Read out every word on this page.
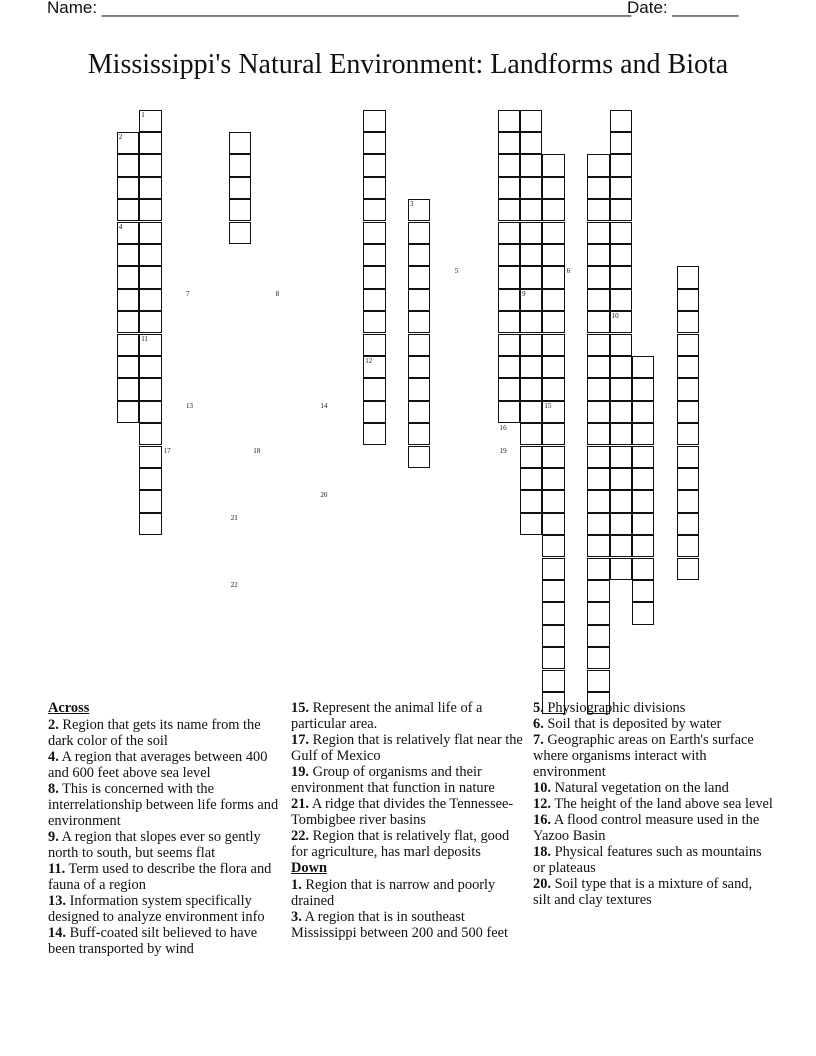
Name: ________________________________________________________
Date: _______
Mississippi's Natural Environment: Landforms and Biota
1
2
3
4
5	6
7	8	9
10
11
12
13	14	15
16
17	18	19
20
21
22
Across

2. Region that gets its name from the dark color of the soil

4. A region that averages between 400 and 600 feet above sea level

8. This is concerned with the interrelationship between life forms and environment

9. A region that slopes ever so gently north to south, but seems flat

11. Term used to describe the flora and fauna of a region

13. Information system specifically designed to analyze environment info

14. Buff-coated silt believed to have been transported by wind

15. Represent the animal life of a particular area.

17. Region that is relatively flat near the Gulf of Mexico

19. Group of organisms and their environment that function in nature

21. A ridge that divides the Tennessee-Tombigbee river basins

22. Region that is relatively flat, good for agriculture, has marl deposits

Down

1. Region that is narrow and poorly drained

3. A region that is in southeast Mississippi between 200 and 500 feet

5. Physiographic divisions

6. Soil that is deposited by water

7. Geographic areas on Earth's surface where organisms interact with environment

10. Natural vegetation on the land

12. The height of the land above sea level

16. A flood control measure used in the Yazoo Basin

18. Physical features such as mountains or plateaus

20. Soil type that is a mixture of sand, silt and clay textures
